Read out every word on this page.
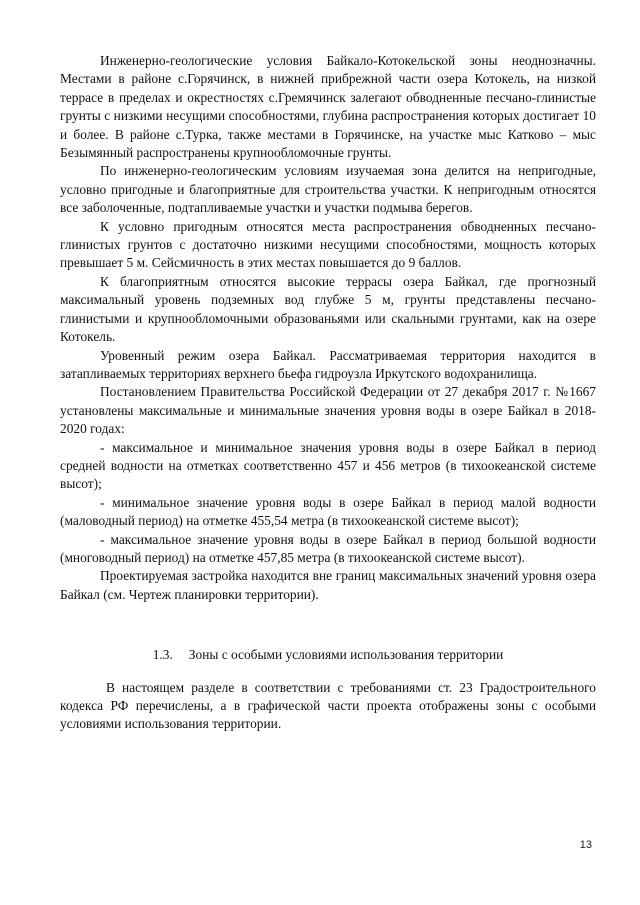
Инженерно-геологические условия Байкало-Котокельской зоны неоднозначны. Местами в районе с.Горячинск, в нижней прибрежной части озера Котокель, на низкой террасе в пределах и окрестностях с.Гремячинск залегают обводненные песчано-глинистые грунты с низкими несущими способностями, глубина распространения которых достигает 10 и более. В районе с.Турка, также местами в Горячинске, на участке мыс Катково – мыс Безымянный распространены крупнообломочные грунты.

По инженерно-геологическим условиям изучаемая зона делится на непригодные, условно пригодные и благоприятные для строительства участки. К непригодным относятся все заболоченные, подтапливаемые участки и участки подмыва берегов.

К условно пригодным относятся места распространения обводненных песчано-глинистых грунтов с достаточно низкими несущими способностями, мощность которых превышает 5 м. Сейсмичность в этих местах повышается до 9 баллов.

К благоприятным относятся высокие террасы озера Байкал, где прогнозный максимальный уровень подземных вод глубже 5 м, грунты представлены песчано-глинистыми и крупнообломочными образованьями или скальными грунтами, как на озере Котокель.

Уровенный режим озера Байкал. Рассматриваемая территория находится в затапливаемых территориях верхнего бьефа гидроузла Иркутского водохранилища.

Постановлением Правительства Российской Федерации от 27 декабря 2017 г. №1667 установлены максимальные и минимальные значения уровня воды в озере Байкал в 2018-2020 годах:

- максимальное и минимальное значения уровня воды в озере Байкал в период средней водности на отметках соответственно 457 и 456 метров (в тихоокеанской системе высот);

- минимальное значение уровня воды в озере Байкал в период малой водности (маловодный период) на отметке 455,54 метра (в тихоокеанской системе высот);

- максимальное значение уровня воды в озере Байкал в период большой водности (многоводный период) на отметке 457,85 метра (в тихоокеанской системе высот).

Проектируемая застройка находится вне границ максимальных значений уровня озера Байкал (см. Чертеж планировки территории).

1.3. Зоны с особыми условиями использования территории

В настоящем разделе в соответствии с требованиями ст. 23 Градостроительного кодекса РФ перечислены, а в графической части проекта отображены зоны с особыми условиями использования территории.

13
